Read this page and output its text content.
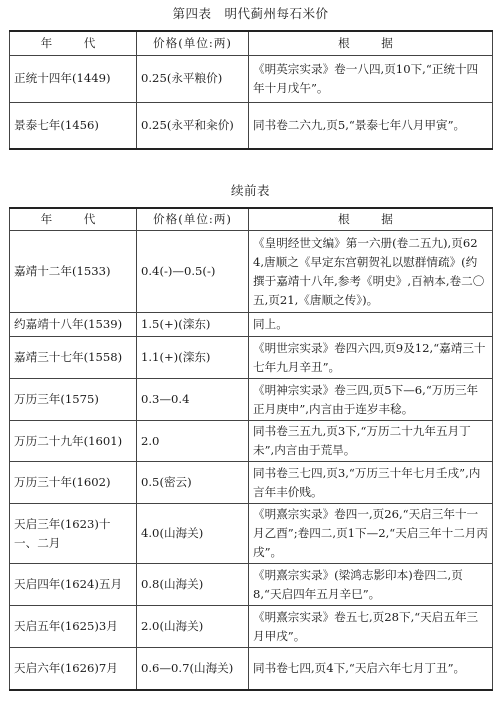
第四表　明代蓟州每石米价
年　代	价格(单位:两)	根　据
正统十四年(1449)	0.25(永平粮价)	《明英宗实录》卷一八四,页10下,“正统十四年十月戊午”。
景泰七年(1456)	0.25(永平和籴价)	同书卷二六九,页5,“景泰七年八月甲寅”。
续前表
年　代	价格(单位:两)	根　据
嘉靖十二年(1533)	0.4(-)—0.5(-)	《皇明经世文编》第一六册(卷二五九),页624,唐顺之《早定东宫朝贺礼以慰群情疏》(约撰于嘉靖十八年,参考《明史》,百衲本,卷二〇五,页21,《唐顺之传》)。
约嘉靖十八年(1539)	1.5(+)(滦东)	同上。
嘉靖三十七年(1558)	1.1(+)(滦东)	《明世宗实录》卷四六四,页9及12,“嘉靖三十七年九月辛丑”。
万历三年(1575)	0.3—0.4	《明神宗实录》卷三四,页5下—6,“万历三年正月庚申”,内言由于连岁丰稔。
万历二十九年(1601)	2.0	同书卷三五九,页3下,“万历二十九年五月丁未”,内言由于荒旱。
万历三十年(1602)	0.5(密云)	同书卷三七四,页3,“万历三十年七月壬戌”,内言年丰价贱。
天启三年(1623)十一、二月	4.0(山海关)	《明熹宗实录》卷四一,页26,“天启三年十一月乙酉”;卷四二,页1下—2,“天启三年十二月丙戌”。
天启四年(1624)五月	0.8(山海关)	《明熹宗实录》(梁鸿志影印本)卷四二,页8,“天启四年五月辛巳”。
天启五年(1625)3月	2.0(山海关)	《明熹宗实录》卷五七,页28下,“天启五年三月甲戌”。
天启六年(1626)7月	0.6—0.7(山海关)	同书卷七四,页4下,“天启六年七月丁丑”。
